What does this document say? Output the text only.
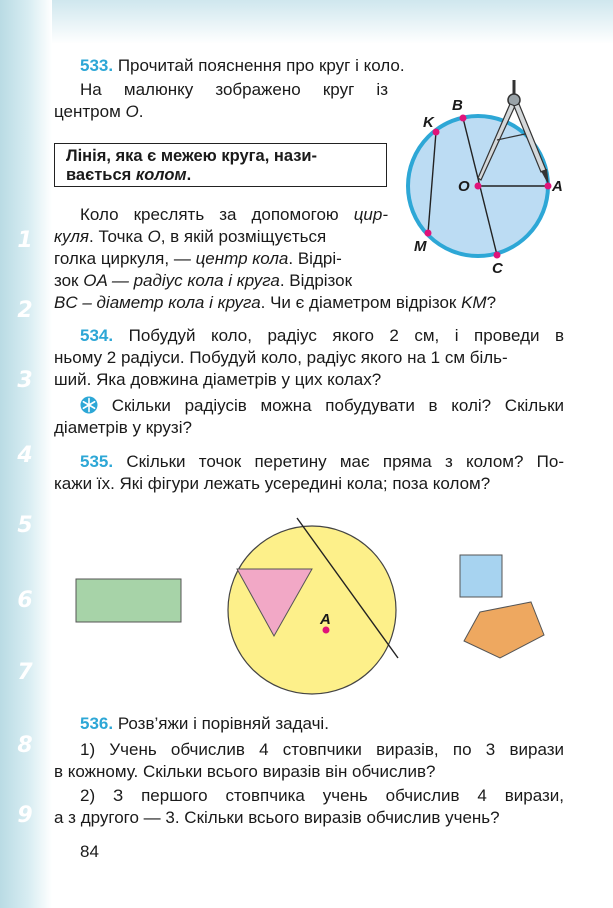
1
2
3
4
5
6
7
8
9
533. Прочитай пояснення про круг і коло.
На малюнку зображено круг із
центром O.
Лінія, яка є межею круга, нази-
вається колом.
Коло креслять за допомогою цир-
куля. Точка O, в якій розміщується
голка циркуля, — центр кола. Відрі-
зок OA — радіус кола і круга. Відрізок
BC – діаметр кола і круга. Чи є діаметром відрізок KM?
534. Побудуй коло, радіус якого 2 см, і проведи в
ньому 2 радіуси. Побудуй коло, радіус якого на 1 см біль-
ший. Яка довжина діаметрів у цих колах?
Скільки радіусів можна побудувати в колі? Скільки
діаметрів у крузі?
535. Скільки точок перетину має пряма з колом? По-
кажи їх. Які фігури лежать усередині кола; поза колом?
536. Розв’яжи і порівняй задачі.
1) Учень обчислив 4 стовпчики виразів, по 3 вирази
в кожному. Скільки всього виразів він обчислив?
2) З першого стовпчика учень обчислив 4 вирази,
а з другого — 3. Скільки всього виразів обчислив учень?
84
K
B
O	A
M
C
A
